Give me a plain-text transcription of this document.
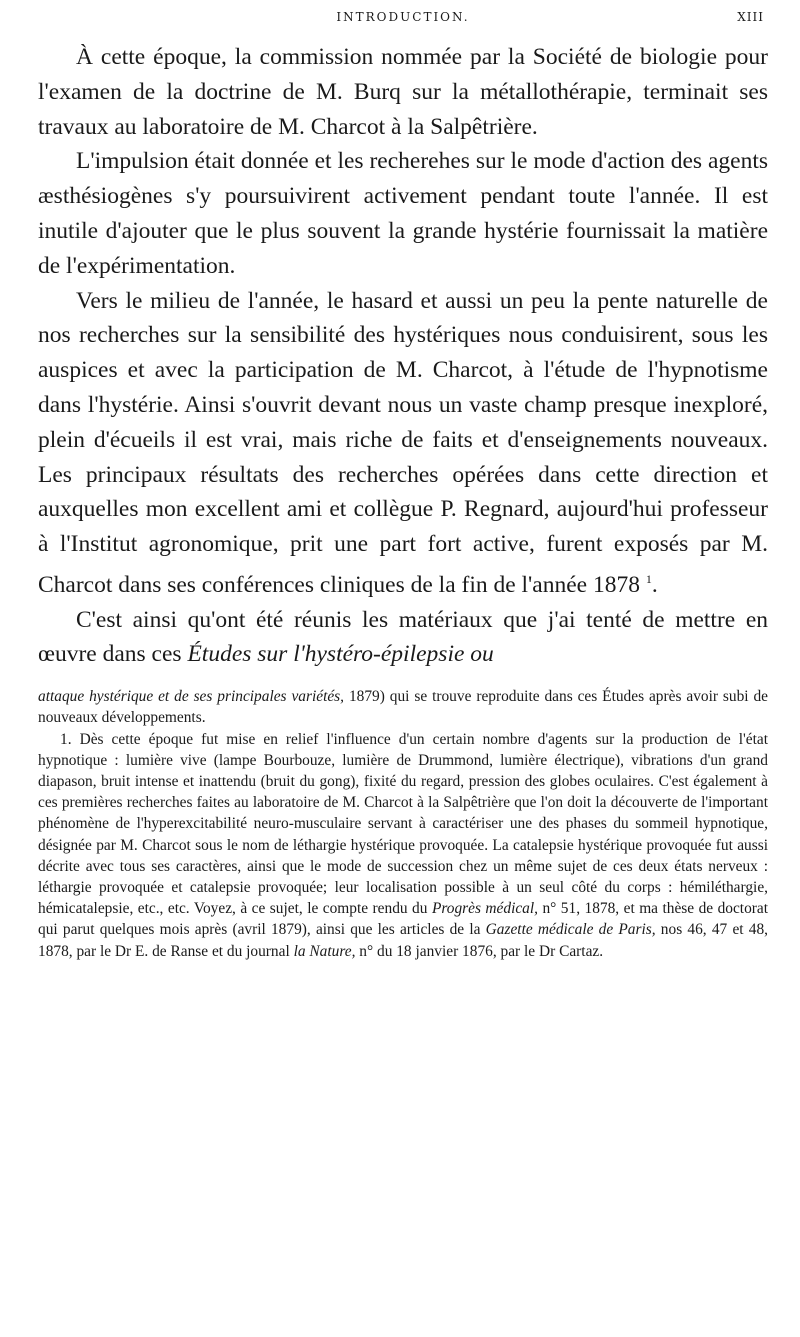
INTRODUCTION.	XIII

À cette époque, la commission nommée par la Société de biologie pour l'examen de la doctrine de M. Burq sur la métallothérapie, terminait ses travaux au laboratoire de M. Charcot à la Salpêtrière.

L'impulsion était donnée et les recherehes sur le mode d'action des agents æsthésiogènes s'y poursuivirent activement pendant toute l'année. Il est inutile d'ajouter que le plus souvent la grande hystérie fournissait la matière de l'expérimentation.

Vers le milieu de l'année, le hasard et aussi un peu la pente naturelle de nos recherches sur la sensibilité des hystériques nous conduisirent, sous les auspices et avec la participation de M. Charcot, à l'étude de l'hypnotisme dans l'hystérie. Ainsi s'ouvrit devant nous un vaste champ presque inexploré, plein d'écueils il est vrai, mais riche de faits et d'enseignements nouveaux. Les principaux résultats des recherches opérées dans cette direction et auxquelles mon excellent ami et collègue P. Regnard, aujourd'hui professeur à l'Institut agronomique, prit une part fort active, furent exposés par M. Charcot dans ses conférences cliniques de la fin de l'année 1878 $^1$.

C'est ainsi qu'ont été réunis les matériaux que j'ai tenté de mettre en œuvre dans ces Études sur l'hystéro-épilepsie ou

attaque hystérique et de ses principales variétés, 1879) qui se trouve reproduite dans ces Études après avoir subi de nouveaux développements.

1. Dès cette époque fut mise en relief l'influence d'un certain nombre d'agents sur la production de l'état hypnotique : lumière vive (lampe Bourbouze, lumière de Drummond, lumière électrique), vibrations d'un grand diapason, bruit intense et inattendu (bruit du gong), fixité du regard, pression des globes oculaires. C'est également à ces premières recherches faites au laboratoire de M. Charcot à la Salpêtrière que l'on doit la découverte de l'important phénomène de l'hyperexcitabilité neuro-musculaire servant à caractériser une des phases du sommeil hypnotique, désignée par M. Charcot sous le nom de léthargie hystérique provoquée. La catalepsie hystérique provoquée fut aussi décrite avec tous ses caractères, ainsi que le mode de succession chez un même sujet de ces deux états nerveux : léthargie provoquée et catalepsie provoquée; leur localisation possible à un seul côté du corps : hémiléthargie, hémicatalepsie, etc., etc. Voyez, à ce sujet, le compte rendu du Progrès médical, n° 51, 1878, et ma thèse de doctorat qui parut quelques mois après (avril 1879), ainsi que les articles de la Gazette médicale de Paris, nos 46, 47 et 48, 1878, par le Dr E. de Ranse et du journal la Nature, n° du 18 janvier 1876, par le Dr Cartaz.
